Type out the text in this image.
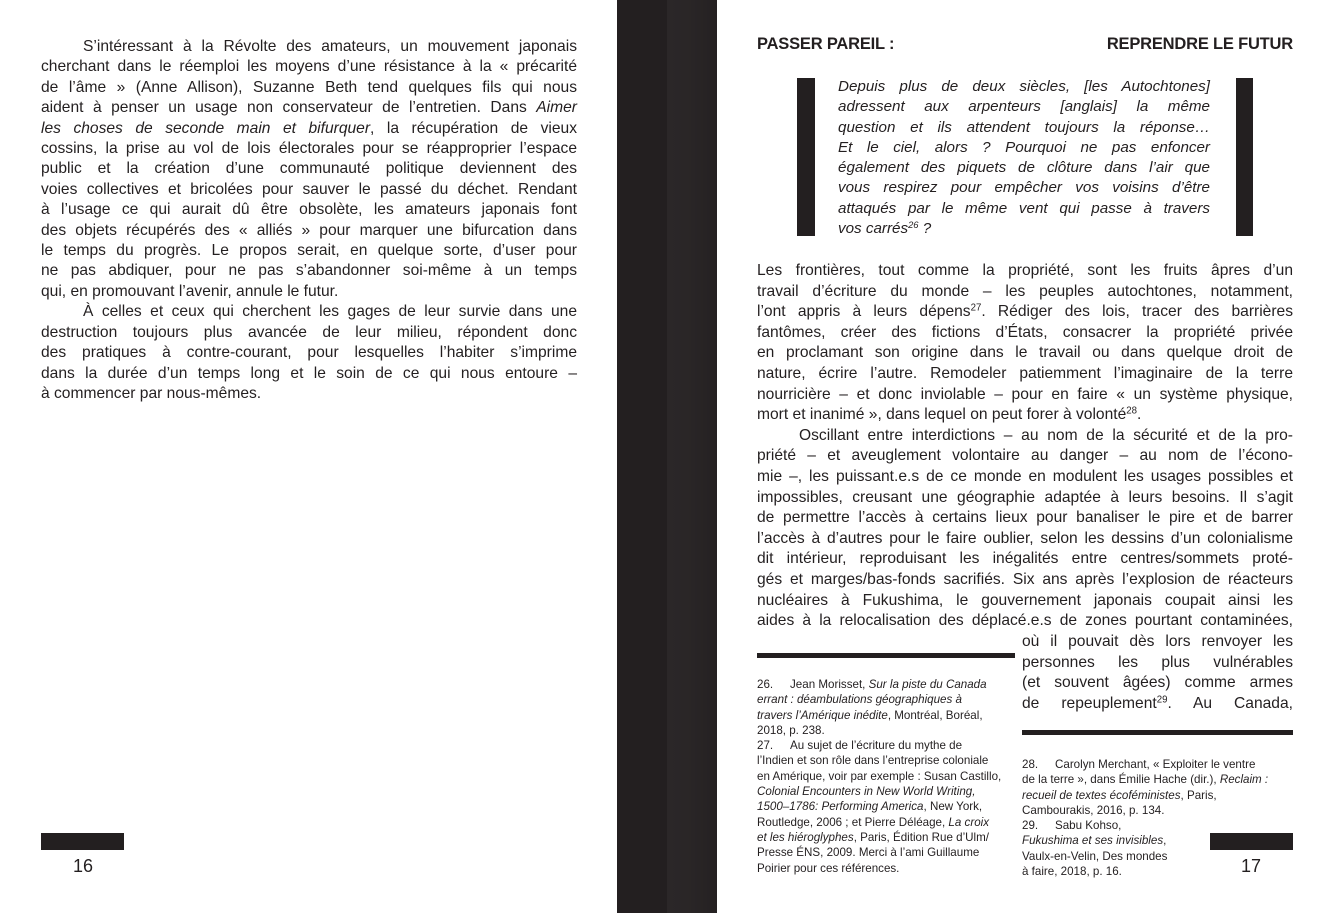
S’intéressant à la Révolte des amateurs, un mouvement japonais
cherchant dans le réemploi les moyens d’une résistance à la « précarité
de l’âme » (Anne Allison), Suzanne Beth tend quelques fils qui nous
aident à penser un usage non conservateur de l’entretien. Dans Aimer
les choses de seconde main et bifurquer, la récupération de vieux
cossins, la prise au vol de lois électorales pour se réapproprier l’espace
public et la création d’une communauté politique deviennent des
voies collectives et bricolées pour sauver le passé du déchet. Rendant
à l’usage ce qui aurait dû être obsolète, les amateurs japonais font
des objets récupérés des « alliés » pour marquer une bifurcation dans
le temps du progrès. Le propos serait, en quelque sorte, d’user pour
ne pas abdiquer, pour ne pas s’abandonner soi-même à un temps
qui, en promouvant l’avenir, annule le futur.
À celles et ceux qui cherchent les gages de leur survie dans une
destruction toujours plus avancée de leur milieu, répondent donc
des pratiques à contre-courant, pour lesquelles l’habiter s’imprime
dans la durée d’un temps long et le soin de ce qui nous entoure –
à commencer par nous-mêmes.
16
PASSER PAREIL :	REPRENDRE LE FUTUR
Depuis plus de deux siècles, [les Autochtones]
adressent aux arpenteurs [anglais] la même
question et ils attendent toujours la réponse…
Et le ciel, alors ? Pourquoi ne pas enfoncer
également des piquets de clôture dans l’air que
vous respirez pour empêcher vos voisins d’être
attaqués par le même vent qui passe à travers
vos carrés$^{26}$ ?
Les frontières, tout comme la propriété, sont les fruits âpres d’un
travail d’écriture du monde – les peuples autochtones, notamment,
l’ont appris à leurs dépens$^{27}$. Rédiger des lois, tracer des barrières
fantômes, créer des fictions d’États, consacrer la propriété privée
en proclamant son origine dans le travail ou dans quelque droit de
nature, écrire l’autre. Remodeler patiemment l’imaginaire de la terre
nourricière – et donc inviolable – pour en faire « un système physique,
mort et inanimé », dans lequel on peut forer à volonté$^{28}$.
Oscillant entre interdictions – au nom de la sécurité et de la pro-
priété – et aveuglement volontaire au danger – au nom de l’écono-
mie –, les puissant.e.s de ce monde en modulent les usages possibles et
impossibles, creusant une géographie adaptée à leurs besoins. Il s’agit
de permettre l’accès à certains lieux pour banaliser le pire et de barrer
l’accès à d’autres pour le faire oublier, selon les dessins d’un colonialisme
dit intérieur, reproduisant les inégalités entre centres/sommets proté-
gés et marges/bas-fonds sacrifiés. Six ans après l’explosion de réacteurs
nucléaires à Fukushima, le gouvernement japonais coupait ainsi les
aides à la relocalisation des déplacé.e.s de zones pourtant contaminées,
où il pouvait dès lors renvoyer les
personnes les plus vulnérables
(et souvent âgées) comme armes
de repeuplement$^{29}$. Au Canada,
26. Jean Morisset, Sur la piste du Canada
errant : déambulations géographiques à
travers l’Amérique inédite, Montréal, Boréal,
2018, p. 238.
27. Au sujet de l’écriture du mythe de
l’Indien et son rôle dans l’entreprise coloniale
en Amérique, voir par exemple : Susan Castillo,
Colonial Encounters in New World Writing,
1500–1786: Performing America, New York,
Routledge, 2006 ; et Pierre Déléage, La croix
et les hiéroglyphes, Paris, Édition Rue d’Ulm/
Presse ÉNS, 2009. Merci à l’ami Guillaume
Poirier pour ces références.
28. Carolyn Merchant, « Exploiter le ventre
de la terre », dans Émilie Hache (dir.), Reclaim :
recueil de textes écoféministes, Paris,
Cambourakis, 2016, p. 134.
29. Sabu Kohso,
Fukushima et ses invisibles,
Vaulx-en-Velin, Des mondes
à faire, 2018, p. 16.	17
